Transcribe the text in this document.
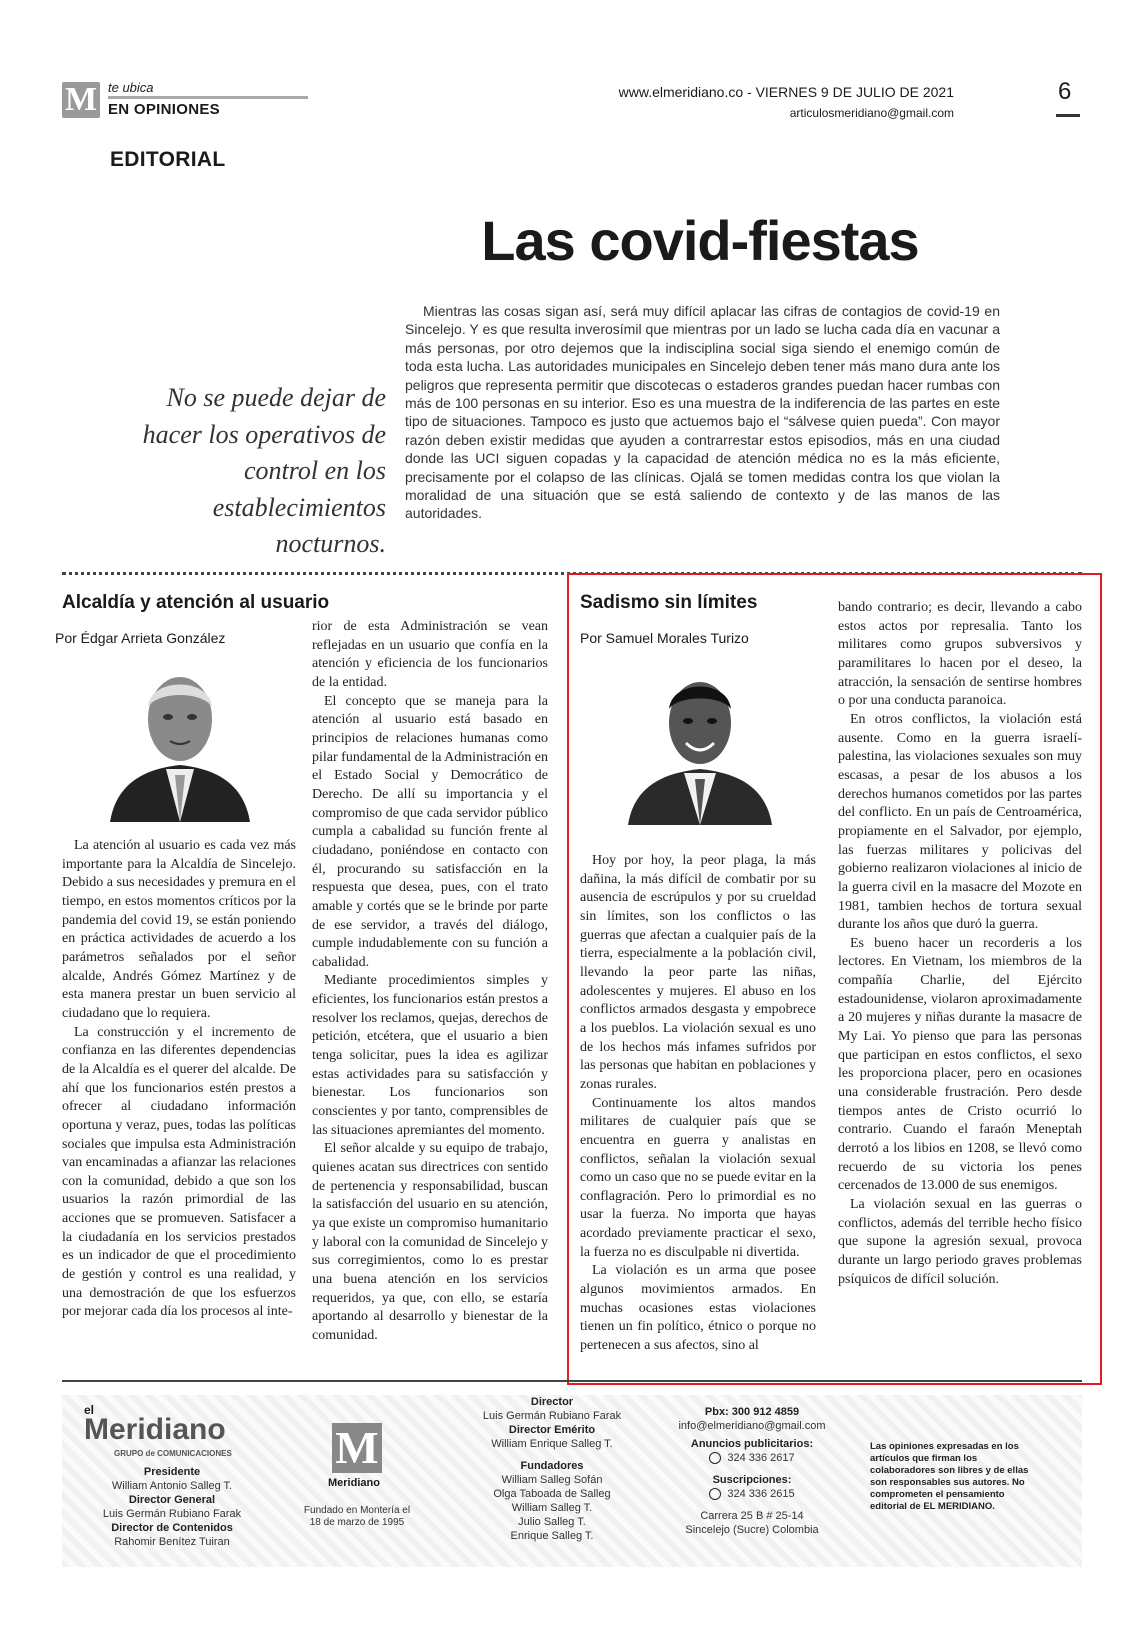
M te ubica
EN OPINIONES
www.elmeridiano.co - VIERNES 9 DE JULIO DE 2021
articulosmeridiano@gmail.com
6
EDITORIAL
Las covid-fiestas
Mientras las cosas sigan así, será muy difícil aplacar las cifras de contagios de covid-19 en Sincelejo. Y es que resulta inverosímil que mientras por un lado se lucha cada día en vacunar a más personas, por otro dejemos que la indisciplina social siga siendo el enemigo común de toda esta lucha. Las autoridades municipales en Sincelejo deben tener más mano dura ante los peligros que representa permitir que discotecas o estaderos grandes puedan hacer rumbas con más de 100 personas en su interior. Eso es una muestra de la indiferencia de las partes en este tipo de situaciones. Tampoco es justo que actuemos bajo el “sálvese quien pueda”. Con mayor razón deben existir medidas que ayuden a contrarrestar estos episodios, más en una ciudad donde las UCI siguen copadas y la capacidad de atención médica no es la más eficiente, precisamente por el colapso de las clínicas. Ojalá se tomen medidas contra los que violan la moralidad de una situación que se está saliendo de contexto y de las manos de las autoridades.
No se puede dejar de hacer los operativos de control en los establecimientos nocturnos.
Alcaldía y atención al usuario
Por Édgar Arrieta González

La atención al usuario es cada vez más importante para la Alcaldía de Sincelejo. Debido a sus necesidades y premura en el tiempo, en estos momentos críticos por la pandemia del covid 19, se están poniendo en práctica actividades de acuerdo a los parámetros señalados por el señor alcalde, Andrés Gómez Martínez y de esta manera prestar un buen servicio al ciudadano que lo requiera.

La construcción y el incremento de confianza en las diferentes dependencias de la Alcaldía es el querer del alcalde. De ahí que los funcionarios estén prestos a ofrecer al ciudadano información oportuna y veraz, pues, todas las políticas sociales que impulsa esta Administración van encaminadas a afianzar las relaciones con la comunidad, debido a que son los usuarios la razón primordial de las acciones que se promueven. Satisfacer a la ciudadanía en los servicios prestados es un indicador de que el procedimiento de gestión y control es una realidad, y una demostración de que los esfuerzos por mejorar cada día los procesos al inte-

rior de esta Administración se vean reflejadas en un usuario que confía en la atención y eficiencia de los funcionarios de la entidad.

El concepto que se maneja para la atención al usuario está basado en principios de relaciones humanas como pilar fundamental de la Administración en el Estado Social y Democrático de Derecho. De allí su importancia y el compromiso de que cada servidor público cumpla a cabalidad su función frente al ciudadano, poniéndose en contacto con él, procurando su satisfacción en la respuesta que desea, pues, con el trato amable y cortés que se le brinde por parte de ese servidor, a través del diálogo, cumple indudablemente con su función a cabalidad.

Mediante procedimientos simples y eficientes, los funcionarios están prestos a resolver los reclamos, quejas, derechos de petición, etcétera, que el usuario a bien tenga solicitar, pues la idea es agilizar estas actividades para su satisfacción y bienestar. Los funcionarios son conscientes y por tanto, comprensibles de las situaciones apremiantes del momento.

El señor alcalde y su equipo de trabajo, quienes acatan sus directrices con sentido de pertenencia y responsabilidad, buscan la satisfacción del usuario en su atención, ya que existe un compromiso humanitario y laboral con la comunidad de Sincelejo y sus corregimientos, como lo es prestar una buena atención en los servicios requeridos, ya que, con ello, se estaría aportando al desarrollo y bienestar de la comunidad.

Sadismo sin límites
Por Samuel Morales Turizo

Hoy por hoy, la peor plaga, la más dañina, la más difícil de combatir por su ausencia de escrúpulos y por su crueldad sin límites, son los conflictos o las guerras que afectan a cualquier país de la tierra, especialmente a la población civil, llevando la peor parte las niñas, adolescentes y mujeres. El abuso en los conflictos armados desgasta y empobrece a los pueblos. La violación sexual es uno de los hechos más infames sufridos por las personas que habitan en poblaciones y zonas rurales.

Continuamente los altos mandos militares de cualquier país que se encuentra en guerra y analistas en conflictos, señalan la violación sexual como un caso que no se puede evitar en la conflagración. Pero lo primordial es no usar la fuerza. No importa que hayas acordado previamente practicar el sexo, la fuerza no es disculpable ni divertida.

La violación es un arma que posee algunos movimientos armados. En muchas ocasiones estas violaciones tienen un fin político, étnico o porque no pertenecen a sus afectos, sino al

bando contrario; es decir, llevando a cabo estos actos por represalia. Tanto los militares como grupos subversivos y paramilitares lo hacen por el deseo, la atracción, la sensación de sentirse hombres o por una conducta paranoica.

En otros conflictos, la violación está ausente. Como en la guerra israelí-palestina, las violaciones sexuales son muy escasas, a pesar de los abusos a los derechos humanos cometidos por las partes del conflicto. En un país de Centroamérica, propiamente en el Salvador, por ejemplo, las fuerzas militares y policivas del gobierno realizaron violaciones al inicio de la guerra civil en la masacre del Mozote en 1981, tambien hechos de tortura sexual durante los años que duró la guerra.

Es bueno hacer un recorderis a los lectores. En Vietnam, los miembros de la compañía Charlie, del Ejército estadounidense, violaron aproximadamente a 20 mujeres y niñas durante la masacre de My Lai. Yo pienso que para las personas que participan en estos conflictos, el sexo les proporciona placer, pero en ocasiones una considerable frustración. Pero desde tiempos antes de Cristo ocurrió lo contrario. Cuando el faraón Meneptah derrotó a los libios en 1208, se llevó como recuerdo de su victoria los penes cercenados de 13.000 de sus enemigos.

La violación sexual en las guerras o conflictos, además del terrible hecho físico que supone la agresión sexual, provoca durante un largo periodo graves problemas psíquicos de difícil solución.

el
Meridiano
GRUPO de COMUNICACIONES
Presidente
William Antonio Salleg T.
Director General
Luis Germán Rubiano Farak
Director de Contenidos
Rahomir Benítez Tuiran
M
Meridiano
Fundado en Montería el 18 de marzo de 1995
Director
Luis Germán Rubiano Farak
Director Emérito
William Enrique Salleg T.
Fundadores
William Salleg Sofán
Olga Taboada de Salleg
William Salleg T.
Julio Salleg T.
Enrique Salleg T.
Pbx: 300 912 4859
info@elmeridiano@gmail.com
Anuncios publicitarios:
324 336 2617
Suscripciones:
324 336 2615
Carrera 25 B # 25-14
Sincelejo (Sucre) Colombia
Las opiniones expresadas en los artículos que firman los colaboradores son libres y de ellas son responsables sus autores. No comprometen el pensamiento editorial de EL MERIDIANO.
